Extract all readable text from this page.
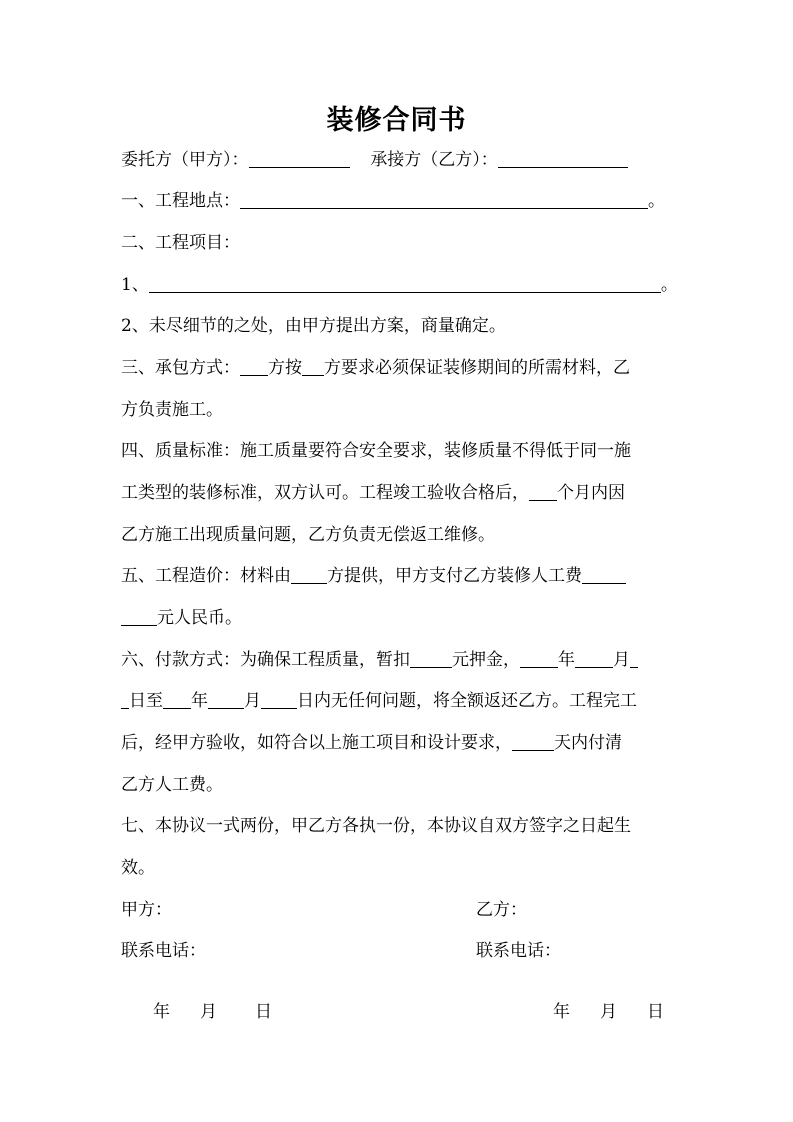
装修合同书
委托方（甲方）：	承接方（乙方）：
一、工程地点：	。
二、工程项目：
1、	。
2、未尽细节的之处，由甲方提出方案，商量确定。
三、承包方式： 方按 方要求必须保证装修期间的所需材料，乙
方负责施工。
四、质量标准：施工质量要符合安全要求，装修质量不得低于同一施
工类型的装修标准，双方认可。工程竣工验收合格后， 个月内因
乙方施工出现质量问题，乙方负责无偿返工维修。
五、工程造价：材料由 方提供，甲方支付乙方装修人工费
元人民币。
六、付款方式：为确保工程质量，暂扣 元押金， 年 月
日至 年 月 日内无任何问题，将全额返还乙方。工程完工
后，经甲方验收，如符合以上施工项目和设计要求， 天内付清
乙方人工费。
七、本协议一式两份，甲乙方各执一份，本协议自双方签字之日起生
效。
甲方：	乙方：
联系电话：	联系电话：
年 月 日	年 月 日
